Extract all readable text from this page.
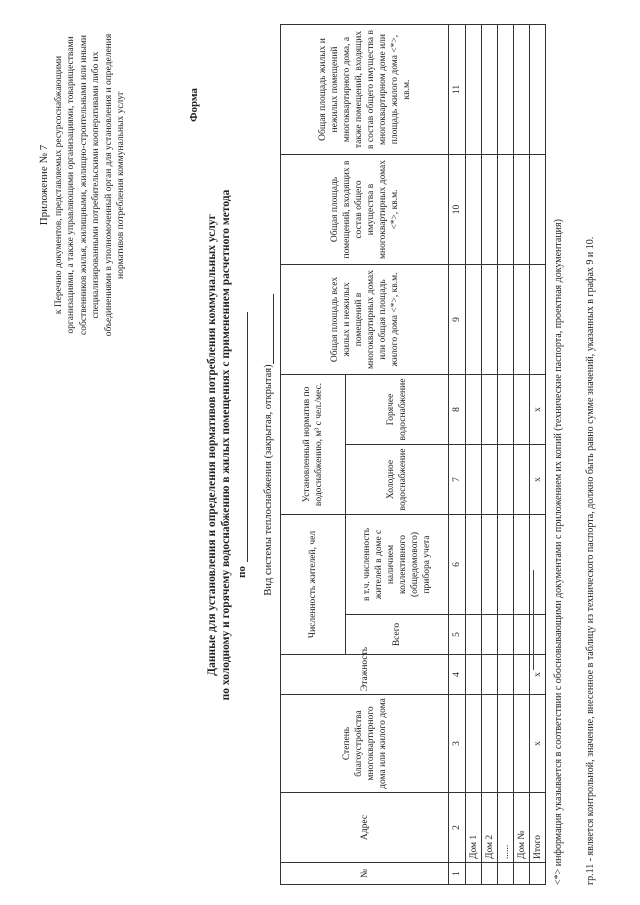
Приложение № 7 к Перечню документов, представляемых ресурсоснабжающими организациями, а также управляющими организациями, товариществами собственников жилья, жилищными, жилищно-строительными или иными специализированными потребительскими кооперативами либо их объединениями в уполномоченный орган для установления и определения нормативов потребления коммунальных услуг	Форма
Данные для установления и определения нормативов потребления коммунальных услуг по холодному и горячему водоснабжению в жилых помещениях с применением расчетного метода по Вид системы теплоснабжения (закрытая, открытая)
№	Адрес	Степень благоустройства многоквартирного дома или жилого дома	Этажность	Численность жителей, чел		Установленный норматив по водоснабжению, м³ с чел./мес.		Общая площадь всех жилых и нежилых помещений в многоквартирных домах или общая площадь жилого дома <*>, кв.м.	Общая площадь помещений, входящих в состав общего имущества в многоквартирных домах <*>, кв.м.	Общая площадь жилых и нежилых помещений многоквартирного дома, а также помещений, входящих в состав общего имущества в многоквартирном доме или площадь жилого дома <*>, кв.м.
				Всего	в т.ч. численность жителей в доме с наличием коллективного (общедомового) прибора учета	Холодное водоснабжение	Горячее водоснабжение			
1	2	3	4	5	6	7	8	9	10	11
	Дом 1									
	Дом 2									
	......									
	Дом №									
	Итого	x	x			x	x			<*> информация указывается в соответствии с обосновывающими документами с приложением их копий (технические паспорта, проектная документация) гр.11 - является контрольной, значение, внесенное в таблицу из технического паспорта, должно быть равно сумме значений, указанных в графах 9 и 10.
